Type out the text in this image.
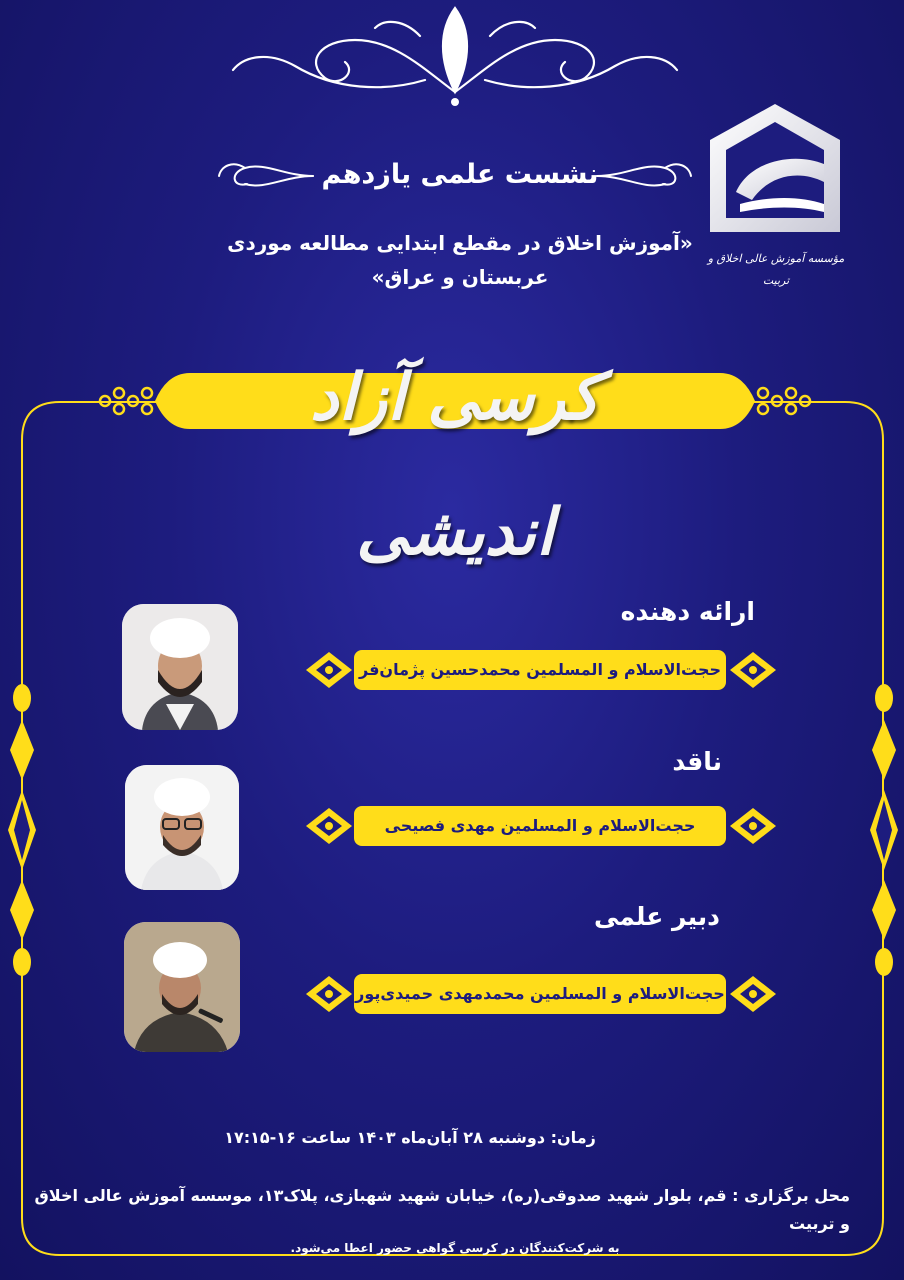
نشست علمی یازدهم
«آموزش اخلاق در مقطع ابتدایی مطالعه موردی عربستان و عراق»
مؤسسه آموزش عالی اخلاق و تربیت
کرسی آزاد اندیشی
ارائه دهنده
حجت‌الاسلام و المسلمین محمدحسین پژمان‌فر
ناقد
حجت‌الاسلام و المسلمین مهدی فصیحی
دبیر علمی
حجت‌الاسلام و المسلمین محمدمهدی حمیدی‌پور
زمان: دوشنبه ۲۸ آبان‌ماه ۱۴۰۳ ساعت ۱۶-۱۷:۱۵
محل برگزاری : قم، بلوار شهید صدوقی(ره)، خیابان شهید شهبازی، پلاک۱۳، موسسه آموزش عالی اخلاق و تربیت
به شرکت‌کنندگان در کرسی گواهی حضور اعطا می‌شود.
